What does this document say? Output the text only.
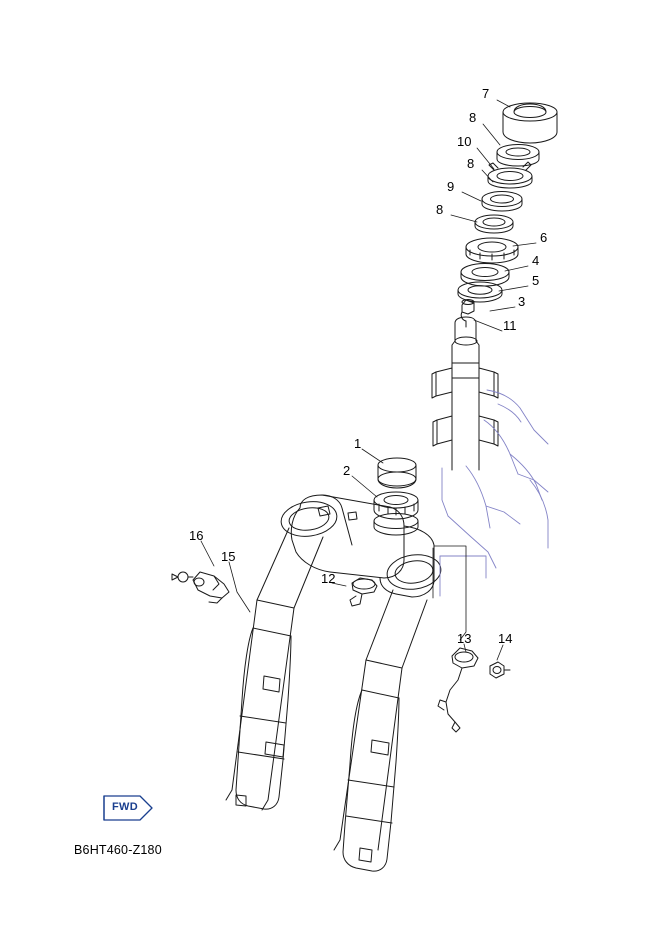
7
8
10
8
9
8
6
4
5
3
11
1
2
16
15
12
13 14
FWD
B6HT460-Z180
